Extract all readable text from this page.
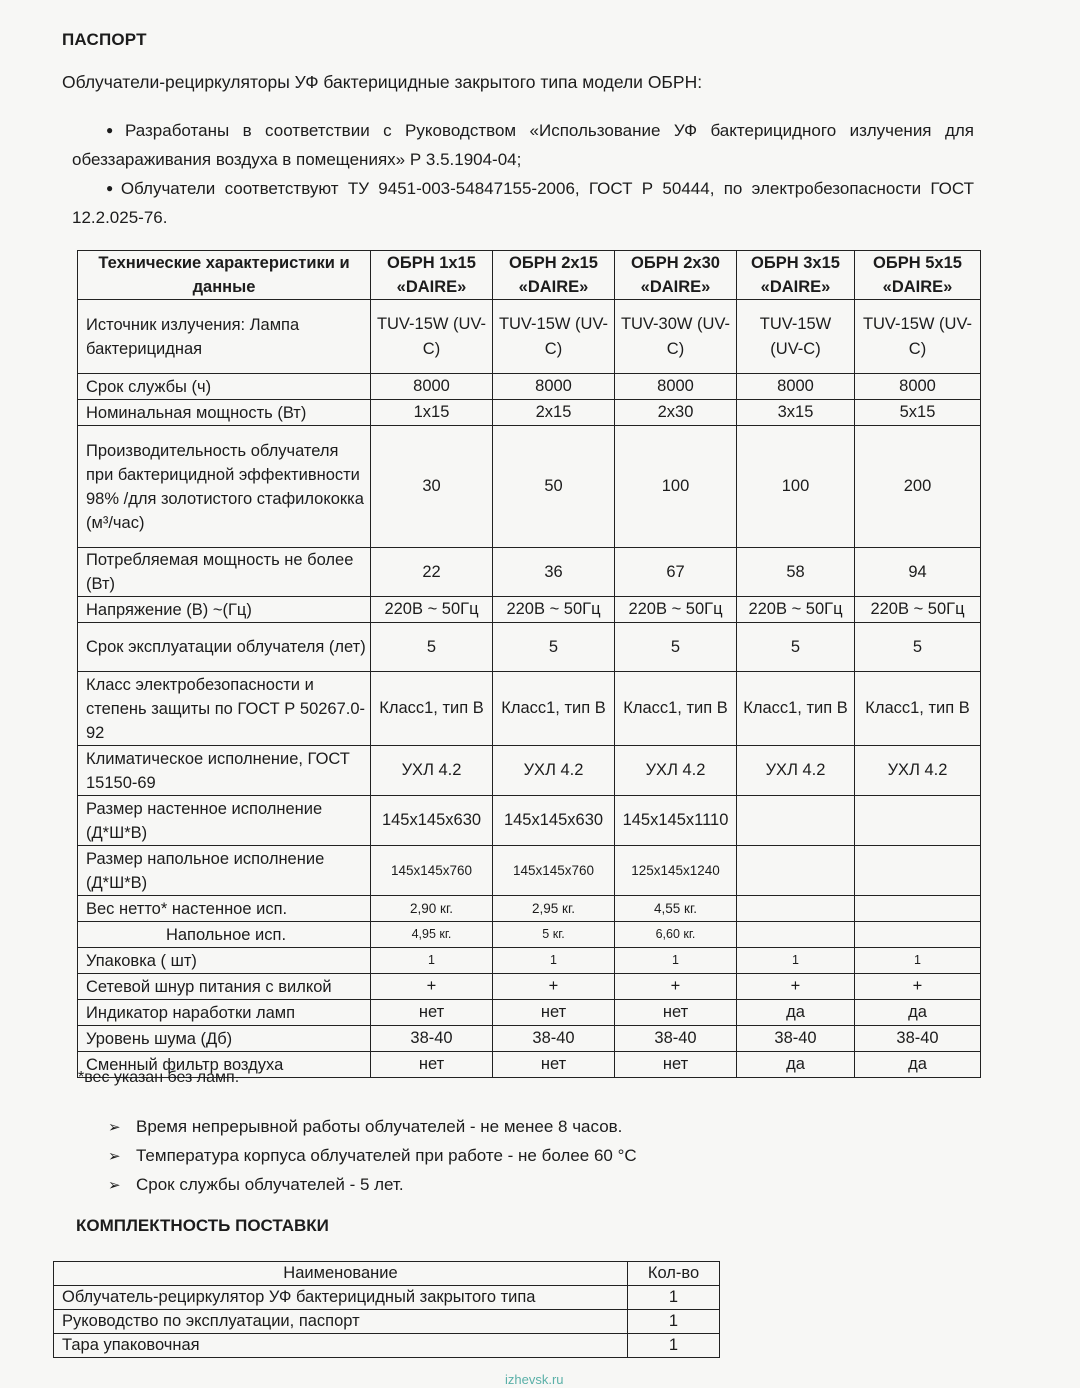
ПАСПОРТ
Облучатели-рециркуляторы УФ бактерицидные закрытого типа модели ОБРН:

● Разработаны в соответствии с Руководством «Использование УФ бактерицидного излучения для обеззараживания воздуха в помещениях» Р 3.5.1904-04;

● Облучатели соответствуют ТУ 9451-003-54847155-2006, ГОСТ Р 50444, по электробезопасности ГОСТ 12.2.025-76.

Технические характеристики и данные	ОБРН 1х15 «DAIRE»	ОБРН 2х15 «DAIRE»	ОБРН 2х30 «DAIRE»	ОБРН 3х15 «DAIRE»	ОБРН 5х15 «DAIRE»
Источник излучения: Лампа бактерицидная	TUV-15W (UV-C)	TUV-15W (UV-C)	TUV-30W (UV-C)	TUV-15W (UV-C)	TUV-15W (UV-C)
Срок службы (ч)	8000	8000	8000	8000	8000
Номинальная мощность (Вт)	1х15	2х15	2х30	3х15	5х15
Производительность облучателя при бактерицидной эффективности 98% /для золотистого стафилококка (м³/час)	30	50	100	100	200
Потребляемая мощность не более (Вт)	22	36	67	58	94
Напряжение (В) ~(Гц)	220В ~ 50Гц	220В ~ 50Гц	220В ~ 50Гц	220В ~ 50Гц	220В ~ 50Гц
Срок эксплуатации облучателя (лет)	5	5	5	5	5
Класс электробезопасности и степень защиты по ГОСТ Р 50267.0-92	Класс1, тип В	Класс1, тип В	Класс1, тип В	Класс1, тип В	Класс1, тип В
Климатическое исполнение, ГОСТ 15150-69	УХЛ 4.2	УХЛ 4.2	УХЛ 4.2	УХЛ 4.2	УХЛ 4.2
Размер настенное исполнение (Д*Ш*В)	145х145х630	145х145х630	145х145х1110		
Размер напольное исполнение (Д*Ш*В)	145х145х760	145х145х760	125х145х1240		
Вес нетто* настенное исп.	2,90 кг.	2,95 кг.	4,55 кг.		
Напольное исп.	4,95 кг.	5 кг.	6,60 кг.		
Упаковка ( шт)	1	1	1	1	1
Сетевой шнур питания с вилкой	+	+	+	+	+
Индикатор наработки ламп	нет	нет	нет	да	да
Уровень шума (Дб)	38-40	38-40	38-40	38-40	38-40
Сменный фильтр воздуха	нет	нет	нет	да	да
*вес указан без ламп.
➢ Время непрерывной работы облучателей - не менее 8 часов.
➢ Температура корпуса облучателей при работе - не более 60 °С
➢ Срок службы облучателей - 5 лет.
КОМПЛЕКТНОСТЬ ПОСТАВКИ
Наименование	Кол-во
Облучатель-рециркулятор УФ бактерицидный закрытого типа	1
Руководство по эксплуатации, паспорт	1
Тара упаковочная	1
izhevsk.ru
